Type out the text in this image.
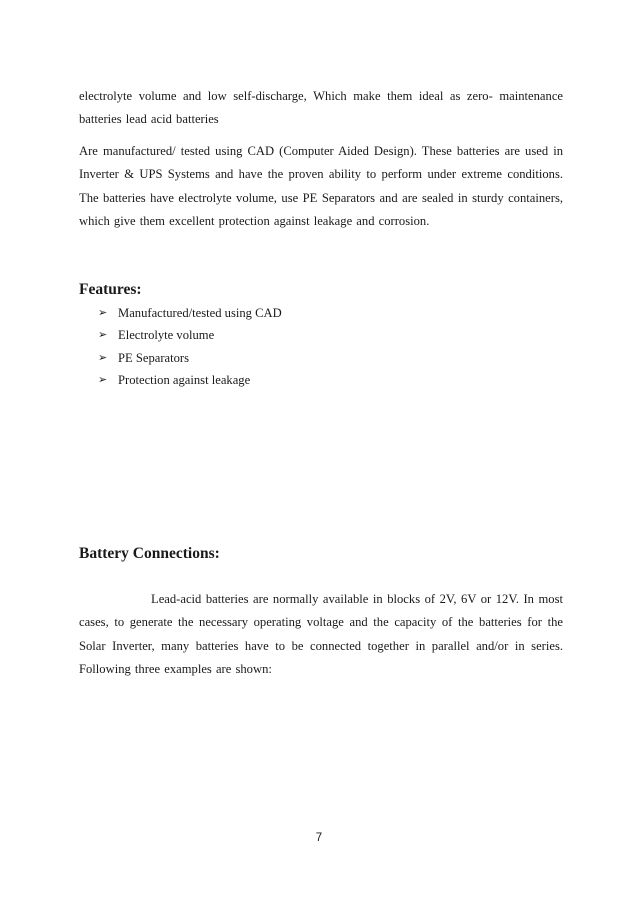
electrolyte volume and low self-discharge, Which make them ideal as zero- maintenance batteries lead acid batteries

Are manufactured/ tested using CAD (Computer Aided Design). These batteries are used in Inverter & UPS Systems and have the proven ability to perform under extreme conditions. The batteries have electrolyte volume, use PE Separators and are sealed in sturdy containers, which give them excellent protection against leakage and corrosion.

Features:
➢ Manufactured/tested using CAD
➢ Electrolyte volume
➢ PE Separators
➢ Protection against leakage
Battery Connections:

Lead-acid batteries are normally available in blocks of 2V, 6V or 12V. In most cases, to generate the necessary operating voltage and the capacity of the batteries for the Solar Inverter, many batteries have to be connected together in parallel and/or in series. Following three examples are shown:

7
